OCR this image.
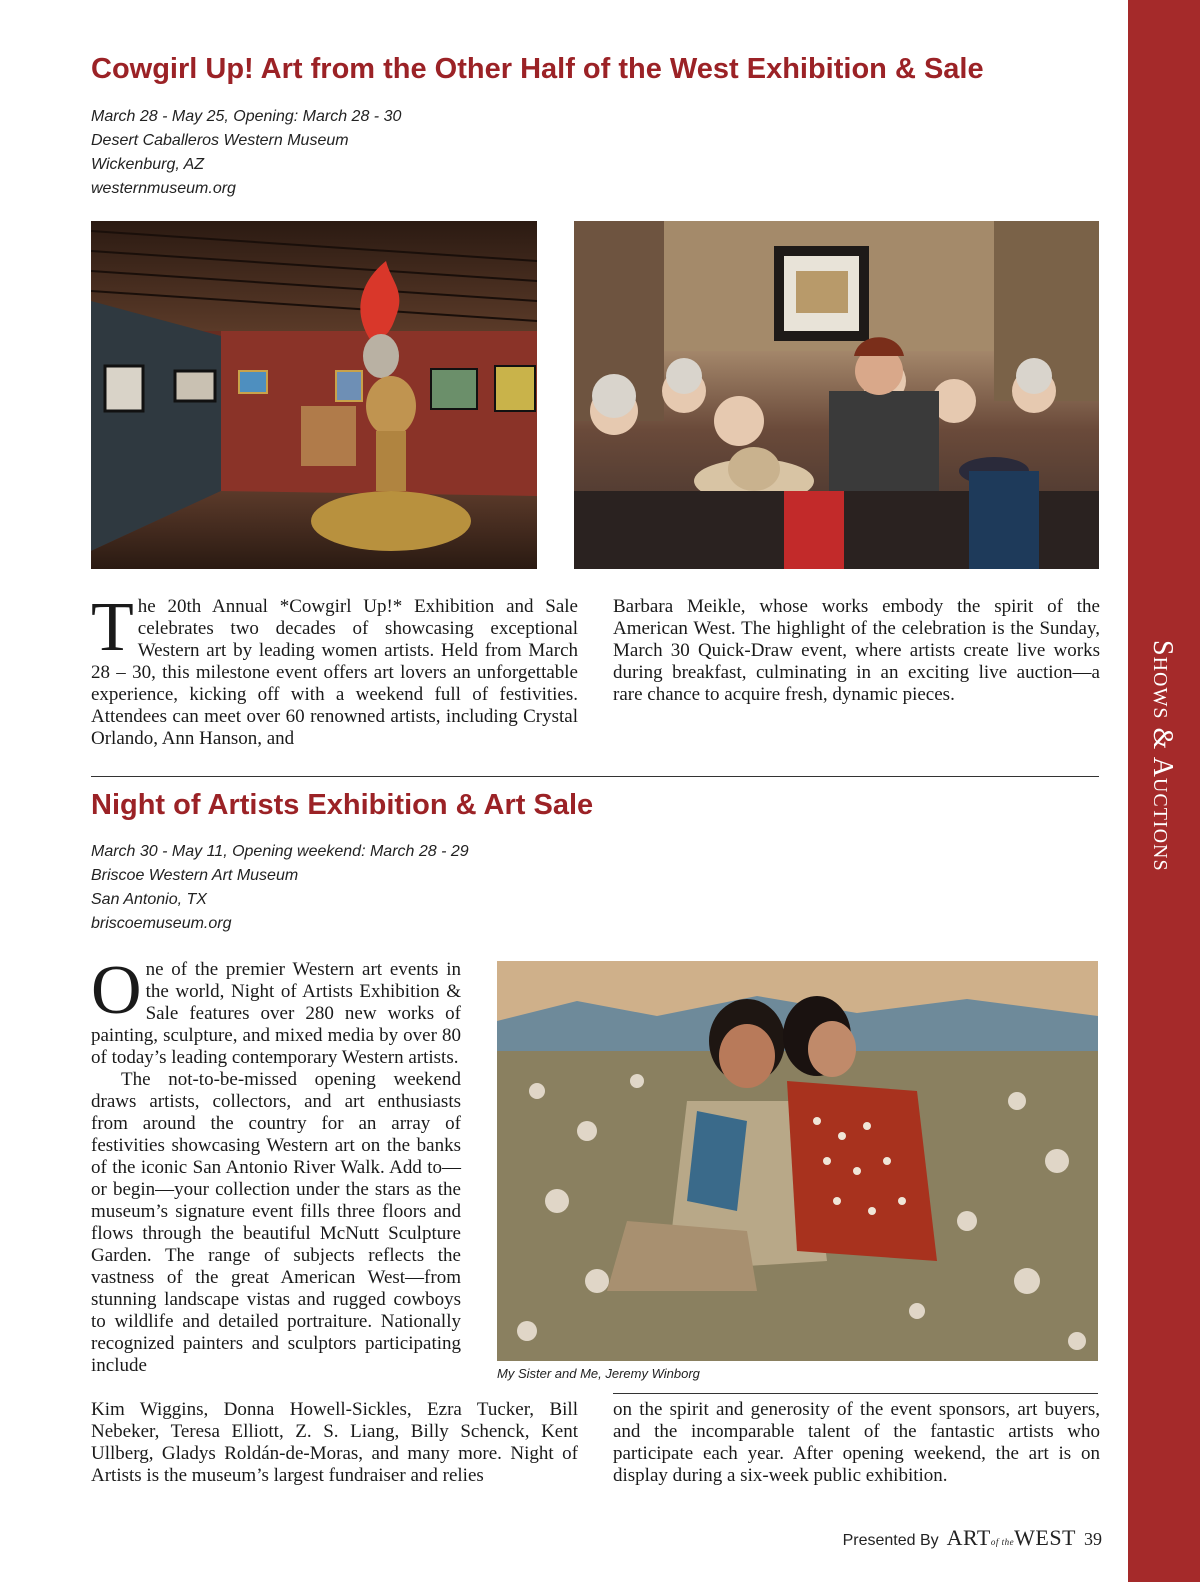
Shows & Auctions
Cowgirl Up! Art from the Other Half of the West Exhibition & Sale
March 28 - May 25, Opening: March 28 - 30
Desert Caballeros Western Museum
Wickenburg, AZ
westernmuseum.org

The 20th Annual *Cowgirl Up!* Exhibition and Sale celebrates two decades of showcasing exceptional Western art by leading women artists. Held from March 28 – 30, this milestone event offers art lovers an unforgettable experience, kicking off with a weekend full of festivities. Attendees can meet over 60 renowned artists, including Crystal Orlando, Ann Hanson, and

Barbara Meikle, whose works embody the spirit of the American West. The highlight of the celebration is the Sunday, March 30 Quick-Draw event, where artists create live works during breakfast, culminating in an exciting live auction—a rare chance to acquire fresh, dynamic pieces.

Night of Artists Exhibition & Art Sale
March 30 - May 11, Opening weekend: March 28 - 29
Briscoe Western Art Museum
San Antonio, TX
briscoemuseum.org

One of the premier Western art events in the world, Night of Artists Exhibition & Sale features over 280 new works of painting, sculpture, and mixed media by over 80 of today’s leading contemporary Western artists.

The not-to-be-missed opening weekend draws artists, collectors, and art enthusiasts from around the country for an array of festivities showcasing Western art on the banks of the iconic San Antonio River Walk. Add to—or begin—your collection under the stars as the museum’s signature event fills three floors and flows through the beautiful McNutt Sculpture Garden. The range of subjects reflects the vastness of the great American West—from stunning landscape vistas and rugged cowboys to wildlife and detailed portraiture. Nationally recognized painters and sculptors participating include	My Sister and Me, Jeremy Winborg

Kim Wiggins, Donna Howell-Sickles, Ezra Tucker, Bill Nebeker, Teresa Elliott, Z. S. Liang, Billy Schenck, Kent Ullberg, Gladys Roldán-de-Moras, and many more. Night of Artists is the museum’s largest fundraiser and relies

on the spirit and generosity of the event sponsors, art buyers, and the incomparable talent of the fantastic artists who participate each year. After opening weekend, the art is on display during a six-week public exhibition.

Presented By ARTof theWEST 39
